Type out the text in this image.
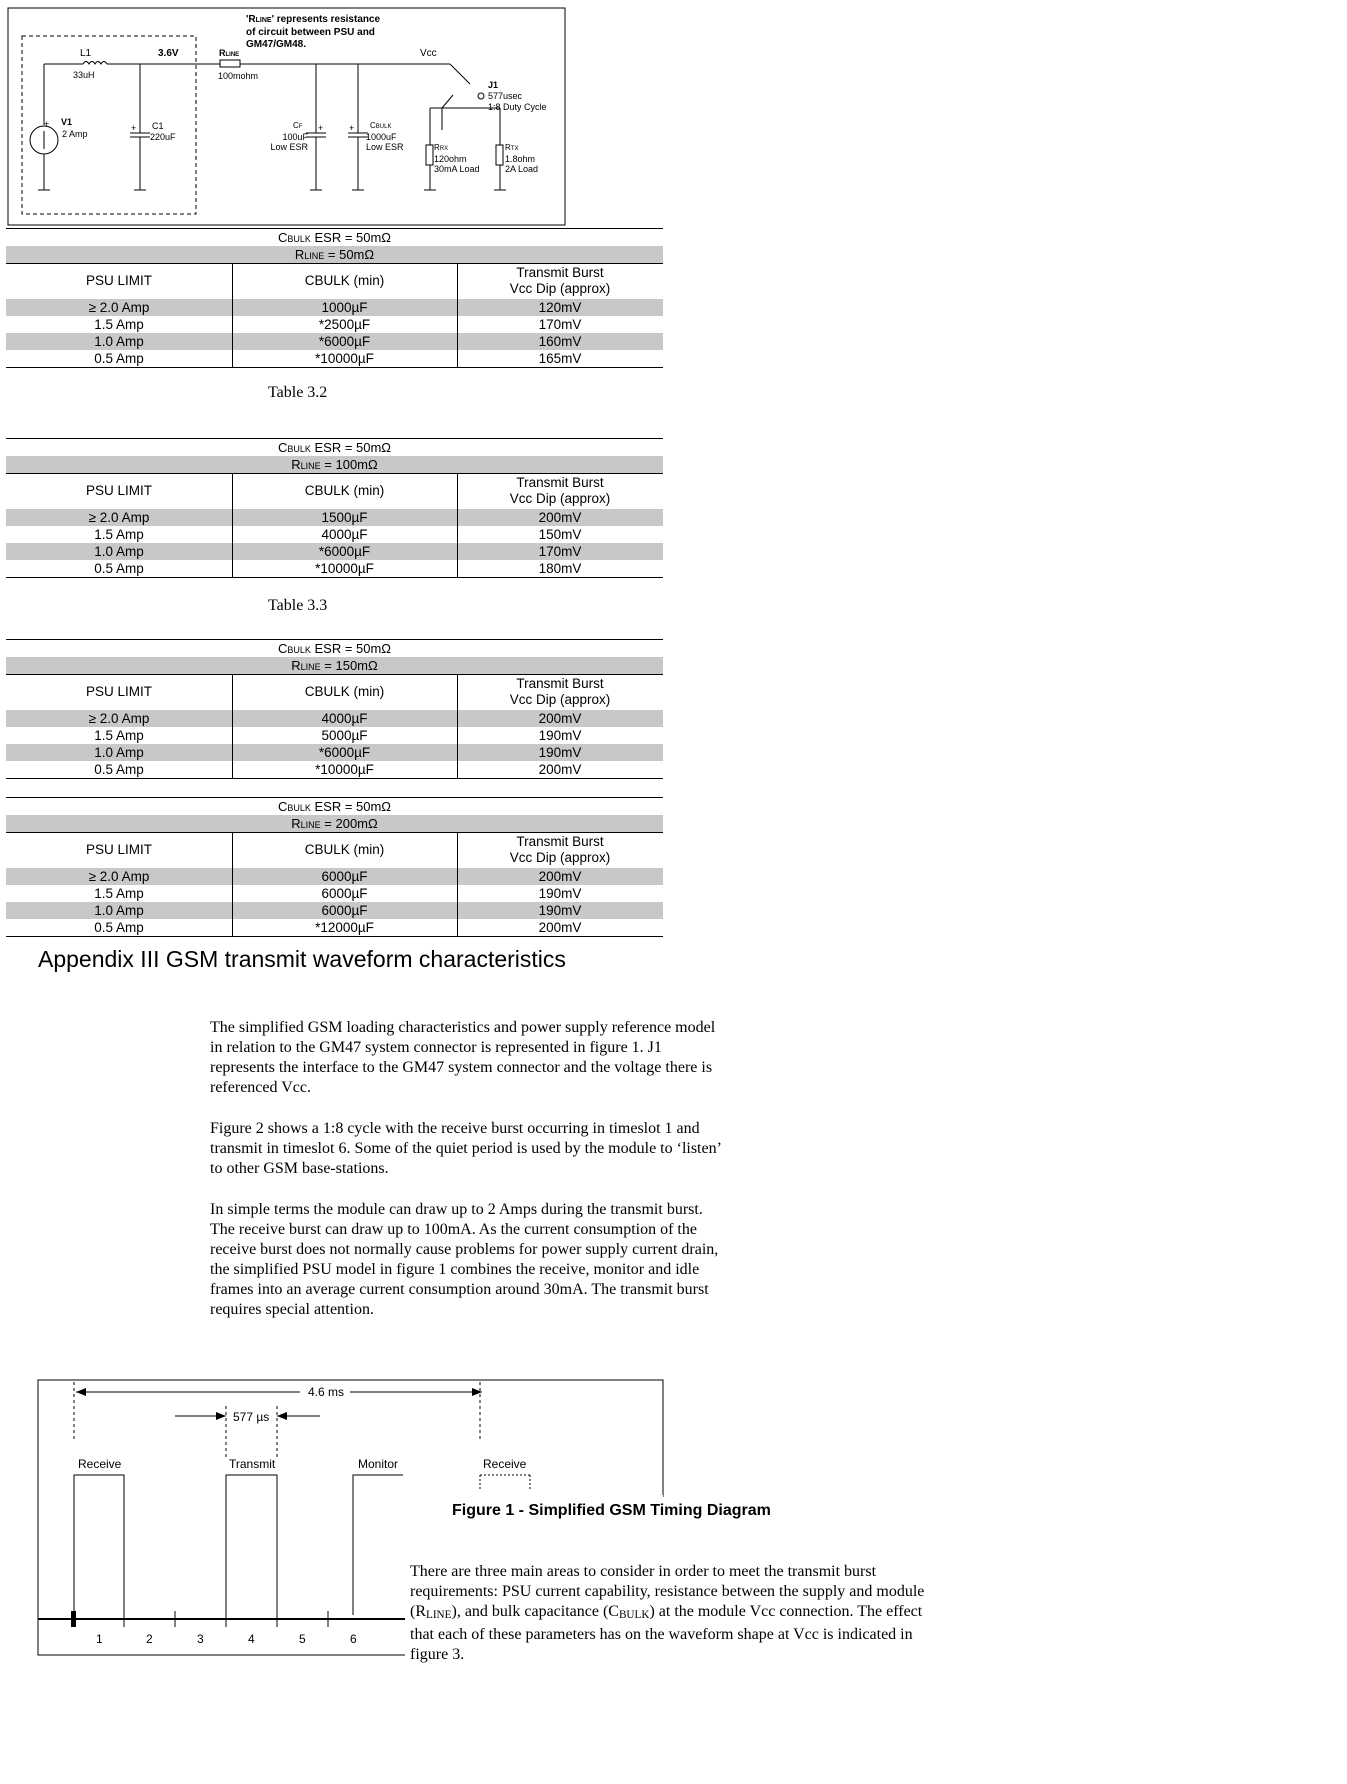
+	+	+	+
'RLINE' represents resistance
of circuit between PSU and
GM47/GM48.
L1
33uH
3.6V	RLINE
100mohm
Vcc
V1
2 Amp
C1
220uF
CF
100uF
Low ESR
CBULK
1000uF
Low ESR
J1
577usec
1:8 Duty Cycle
RRX
120ohm
30mA Load
RTX
1.8ohm
2A Load
CBULK ESR = 50mΩ
RLINE = 50mΩ
PSU LIMIT	CBULK (min)
Transmit Burst
Vcc Dip (approx)
≥ 2.0 Amp	1000µF	120mV
1.5 Amp	*2500µF	170mV
1.0 Amp	*6000µF	160mV
0.5 Amp	*10000µF	165mV
CBULK ESR = 50mΩ
RLINE = 100mΩ
PSU LIMIT	CBULK (min)
Transmit Burst
Vcc Dip (approx)
≥ 2.0 Amp	1500µF	200mV
1.5 Amp	4000µF	150mV
1.0 Amp	*6000µF	170mV
0.5 Amp	*10000µF	180mV
CBULK ESR = 50mΩ
RLINE = 150mΩ
PSU LIMIT	CBULK (min)
Transmit Burst
Vcc Dip (approx)
≥ 2.0 Amp	4000µF	200mV
1.5 Amp	5000µF	190mV
1.0 Amp	*6000µF	190mV
0.5 Amp	*10000µF	200mV
CBULK ESR = 50mΩ
RLINE = 200mΩ
PSU LIMIT	CBULK (min)
Transmit Burst
Vcc Dip (approx)
≥ 2.0 Amp	6000µF	200mV
1.5 Amp	6000µF	190mV
1.0 Amp	6000µF	190mV
0.5 Amp	*12000µF	200mV
Table 3.2
Table 3.3
Appendix III GSM transmit waveform characteristics
The simplified GSM loading characteristics and power supply reference model in relation to the GM47 system connector is represented in figure 1. J1 represents the interface to the GM47 system connector and the voltage there is referenced Vcc.
Figure 2 shows a 1:8 cycle with the receive burst occurring in timeslot 1 and transmit in timeslot 6. Some of the quiet period is used by the module to ‘listen’ to other GSM base-stations.
In simple terms the module can draw up to 2 Amps during the transmit burst. The receive burst can draw up to 100mA. As the current consumption of the receive burst does not normally cause problems for power supply current drain, the simplified PSU model in figure 1 combines the receive, monitor and idle frames into an average current consumption around 30mA. The transmit burst requires special attention.
4.6 ms
577 µs
Receive	Transmit	Monitor	Receive
1	2	3	4	5	6
Figure 1 - Simplified GSM Timing Diagram
There are three main areas to consider in order to meet the transmit burst requirements: PSU current capability, resistance between the supply and module $(R_{LINE})$, and bulk capacitance $(C_{BULK})$ at the module Vcc connection. The effect that each of these parameters has on the waveform shape at Vcc is indicated in figure 3.
